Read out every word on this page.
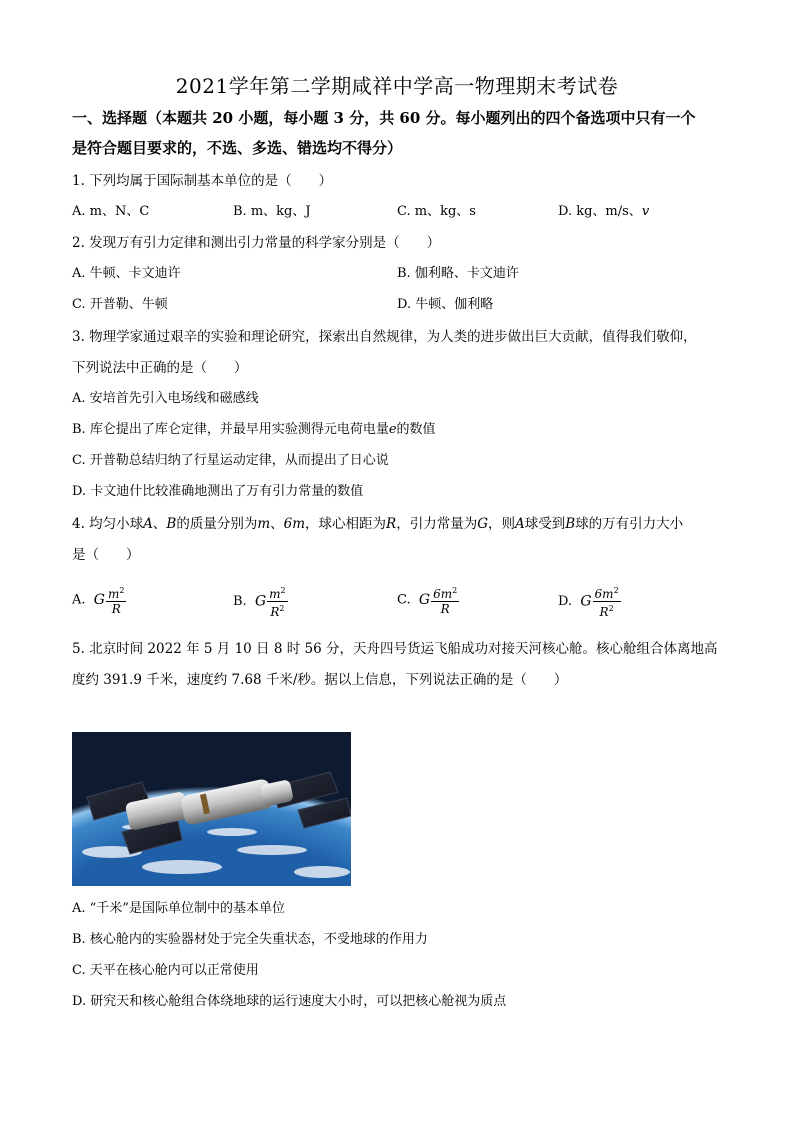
2021学年第二学期咸祥中学高一物理期末考试卷
一、选择题（本题共 20 小题，每小题 3 分，共 60 分。每小题列出的四个备选项中只有一个
是符合题目要求的，不选、多选、错选均不得分）
1. 下列均属于国际制基本单位的是（　　）
A. m、N、C	B. m、kg、J	C. m、kg、s	D. kg、m/s、v
2. 发现万有引力定律和测出引力常量的科学家分别是（　　）
A. 牛顿、卡文迪许	B. 伽利略、卡文迪许
C. 开普勒、牛顿	D. 牛顿、伽利略
3. 物理学家通过艰辛的实验和理论研究，探索出自然规律，为人类的进步做出巨大贡献，值得我们敬仰，
下列说法中正确的是（　　）
A. 安培首先引入电场线和磁感线
B. 库仑提出了库仑定律，并最早用实验测得元电荷电量e的数值
C. 开普勒总结归纳了行星运动定律，从而提出了日心说
D. 卡文迪什比较准确地测出了万有引力常量的数值
4. 均匀小球A、B的质量分别为m、6m，球心相距为R，引力常量为G，则A球受到B球的万有引力大小
是（　　）
A. G $\frac{m^2}{R}$	B. G $\frac{m^2}{R^2}$	C. G $\frac{6m^2}{R}$	D. G $\frac{6m^2}{R^2}$
5. 北京时间 2022 年 5 月 10 日 8 时 56 分，天舟四号货运飞船成功对接天河核心舱。核心舱组合体离地高
度约 391.9 千米，速度约 7.68 千米/秒。据以上信息，下列说法正确的是（　　）
A. “千米”是国际单位制中的基本单位
B. 核心舱内的实验器材处于完全失重状态，不受地球的作用力
C. 天平在核心舱内可以正常使用
D. 研究天和核心舱组合体绕地球的运行速度大小时，可以把核心舱视为质点
